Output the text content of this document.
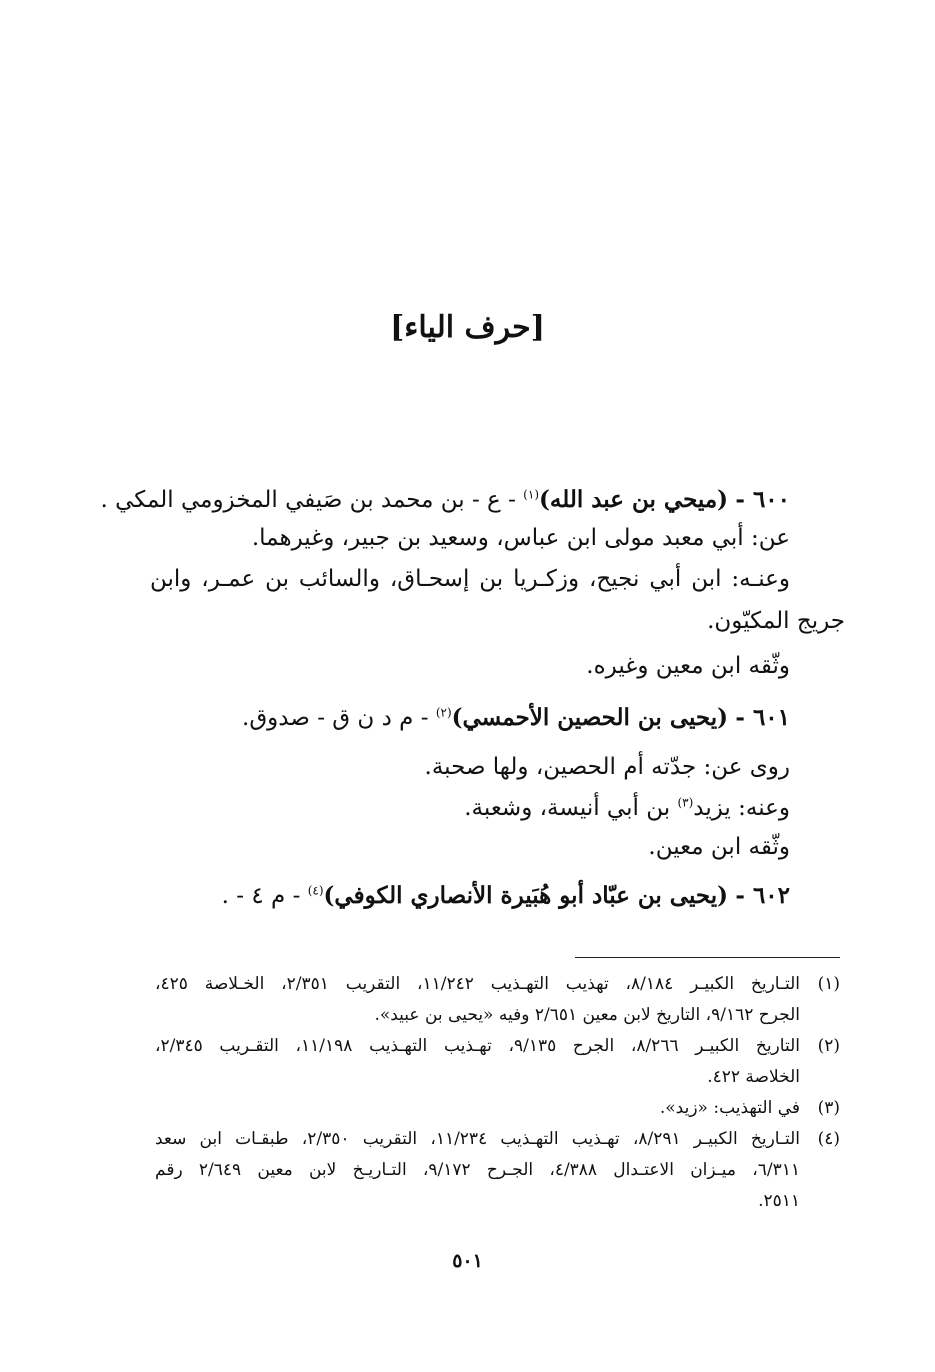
[حرف الياء]
٦٠٠ - (ميحي بن عبد الله)$^{(١)}$ - ع - بن محمد بن صَيفي المخزومي المكي .
عن: أبي معبد مولى ابن عباس، وسعيد بن جبير، وغيرهما.
وعنـه: ابن أبي نجيح، وزكـريا بن إسحـاق، والسائب بن عمـر، وابن
جريج المكيّون.
وثّقه ابن معين وغيره.
٦٠١ - (يحيى بن الحصين الأحمسي)$^{(٢)}$ - م د ن ق - صدوق.
روى عن: جدّته أم الحصين، ولها صحبة.
وعنه: يزيد$^{(٣)}$ بن أبي أنيسة، وشعبة.
وثّقه ابن معين.
٦٠٢ - (يحيى بن عبّاد أبو هُبَيرة الأنصاري الكوفي)$^{(٤)}$ - م ٤ - .
(١)
التـاريخ الكبيـر ٨/١٨٤، تهذيب التهـذيب ١١/٢٤٢، التقريب ٢/٣٥١، الخـلاصة ٤٢٥،
الجرح ٩/١٦٢، التاريخ لابن معين ٢/٦٥١ وفيه «يحيى بن عبيد».
(٢)
التاريخ الكبيـر ٨/٢٦٦، الجرح ٩/١٣٥، تهـذيب التهـذيب ١١/١٩٨، التقـريب ٢/٣٤٥،
الخلاصة ٤٢٢.
(٣)
في التهذيب: «زيد».
(٤)
التـاريخ الكبيـر ٨/٢٩١، تهـذيب التهـذيب ١١/٢٣٤، التقريب ٢/٣٥٠، طبقـات ابن سعد
٦/٣١١، ميـزان الاعتـدال ٤/٣٨٨، الجـرح ٩/١٧٢، التـاريـخ لابن معين ٢/٦٤٩ رقم
٢٥١١.
٥٠١
